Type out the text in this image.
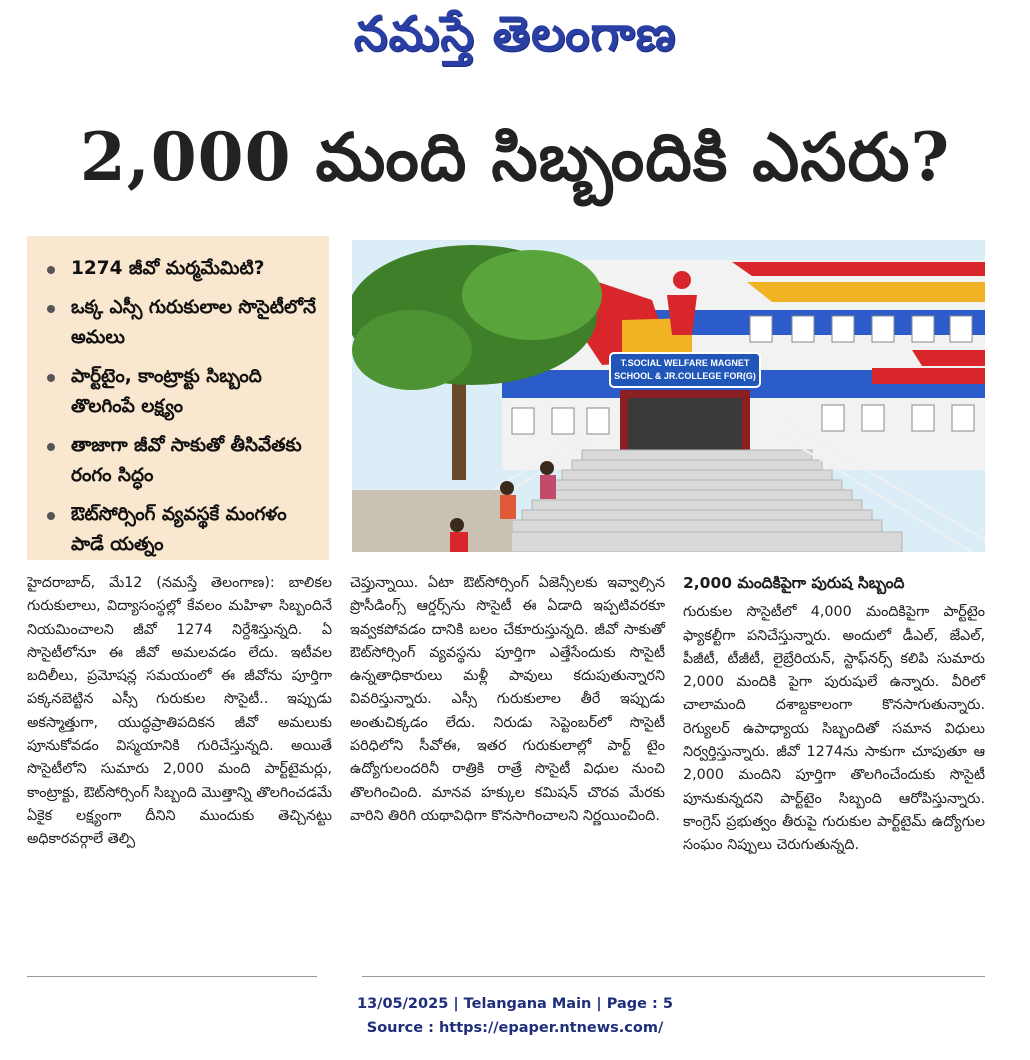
నమస్తే తెలంగాణ
2,000 మంది సిబ్బందికి ఎసరు?
1274 జీవో మర్మమేమిటి?
ఒక్క ఎస్సీ గురుకులాల సొసైటీలోనే అమలు
పార్ట్‌టైం, కాంట్రాక్టు సిబ్బంది తొలగింపే లక్ష్యం
తాజాగా జీవో సాకుతో తీసివేతకు రంగం సిద్ధం
ఔట్‌సోర్సింగ్ వ్యవస్థకే మంగళం పాడే యత్నం
T.SOCIAL WELFARE MAGNET
SCHOOL & JR.COLLEGE FOR(G)
హైదరాబాద్, మే12 (నమస్తే తెలంగాణ): బాలికల గురుకులాలు, విద్యాసంస్థల్లో కేవలం మహిళా సిబ్బందినే నియమించాలని జీవో 1274 నిర్దేశిస్తున్నది. ఏ సొసైటీలోనూ ఈ జీవో అమలవడం లేదు. ఇటీవల బదిలీలు, ప్రమోషన్ల సమయంలో ఈ జీవోను పూర్తిగా పక్కనబెట్టిన ఎస్సీ గురుకుల సొసైటీ.. ఇప్పుడు అకస్మాత్తుగా, యుద్ధప్రాతిపదికన జీవో అమలుకు పూనుకోవడం విస్మయానికి గురిచేస్తున్నది. అయితే సొసైటీలోని సుమారు 2,000 మంది పార్ట్‌టైమర్లు, కాంట్రాక్టు, ఔట్‌సోర్సింగ్ సిబ్బంది మొత్తాన్ని తొలగించడమే ఏకైక లక్ష్యంగా దీనిని ముందుకు తెచ్చినట్టు అధికారవర్గాలే తెల్పి
చెప్తున్నాయి. ఏటా ఔట్‌సోర్సింగ్ ఏజెన్సీలకు ఇవ్వాల్సిన ప్రొసీడింగ్స్ ఆర్డర్స్‌ను సొసైటీ ఈ ఏడాది ఇప్పటివరకూ ఇవ్వకపోవడం దానికి బలం చేకూరుస్తున్నది. జీవో సాకుతో ఔట్‌సోర్సింగ్ వ్యవస్థను పూర్తిగా ఎత్తేసేందుకు సొసైటీ ఉన్నతాధికారులు మళ్లీ పావులు కదుపుతున్నారని వివరిస్తున్నారు. ఎస్సీ గురుకులాల తీరే ఇప్పుడు అంతుచిక్కడం లేదు. నిరుడు సెప్టెంబర్‌లో సొసైటీ పరిధిలోని సీవోఈ, ఇతర గురుకులాల్లో పార్ట్ టైం ఉద్యోగులందరినీ రాత్రికి రాత్రే సొసైటీ విధుల నుంచి తొలగించింది. మానవ హక్కుల కమిషన్ చొరవ మేరకు వారిని తిరిగి యథావిధిగా కొనసాగించాలని నిర్ణయించింది.
2,000 మందికిపైగా పురుష సిబ్బంది
గురుకుల సొసైటీలో 4,000 మందికిపైగా పార్ట్‌టైం ఫ్యాకల్టీగా పనిచేస్తున్నారు. అందులో డీఎల్, జేఎల్, పీజీటీ, టీజీటీ, లైబ్రేరియన్, స్టాఫ్‌నర్స్ కలిపి సుమారు 2,000 మందికి పైగా పురుషులే ఉన్నారు. వీరిలో చాలామంది దశాబ్దకాలంగా కొనసాగుతున్నారు. రెగ్యులర్ ఉపాధ్యాయ సిబ్బందితో సమాన విధులు నిర్వర్తిస్తున్నారు. జీవో 1274ను సాకుగా చూపుతూ ఆ 2,000 మందిని పూర్తిగా తొలగించేందుకు సొసైటీ పూనుకున్నదని పార్ట్‌టైం సిబ్బంది ఆరోపిస్తున్నారు. కాంగ్రెస్ ప్రభుత్వం తీరుపై గురుకుల పార్ట్‌టైమ్ ఉద్యోగుల సంఘం నిప్పులు చెరుగుతున్నది.
13/05/2025 | Telangana Main | Page : 5
Source : https://epaper.ntnews.com/
